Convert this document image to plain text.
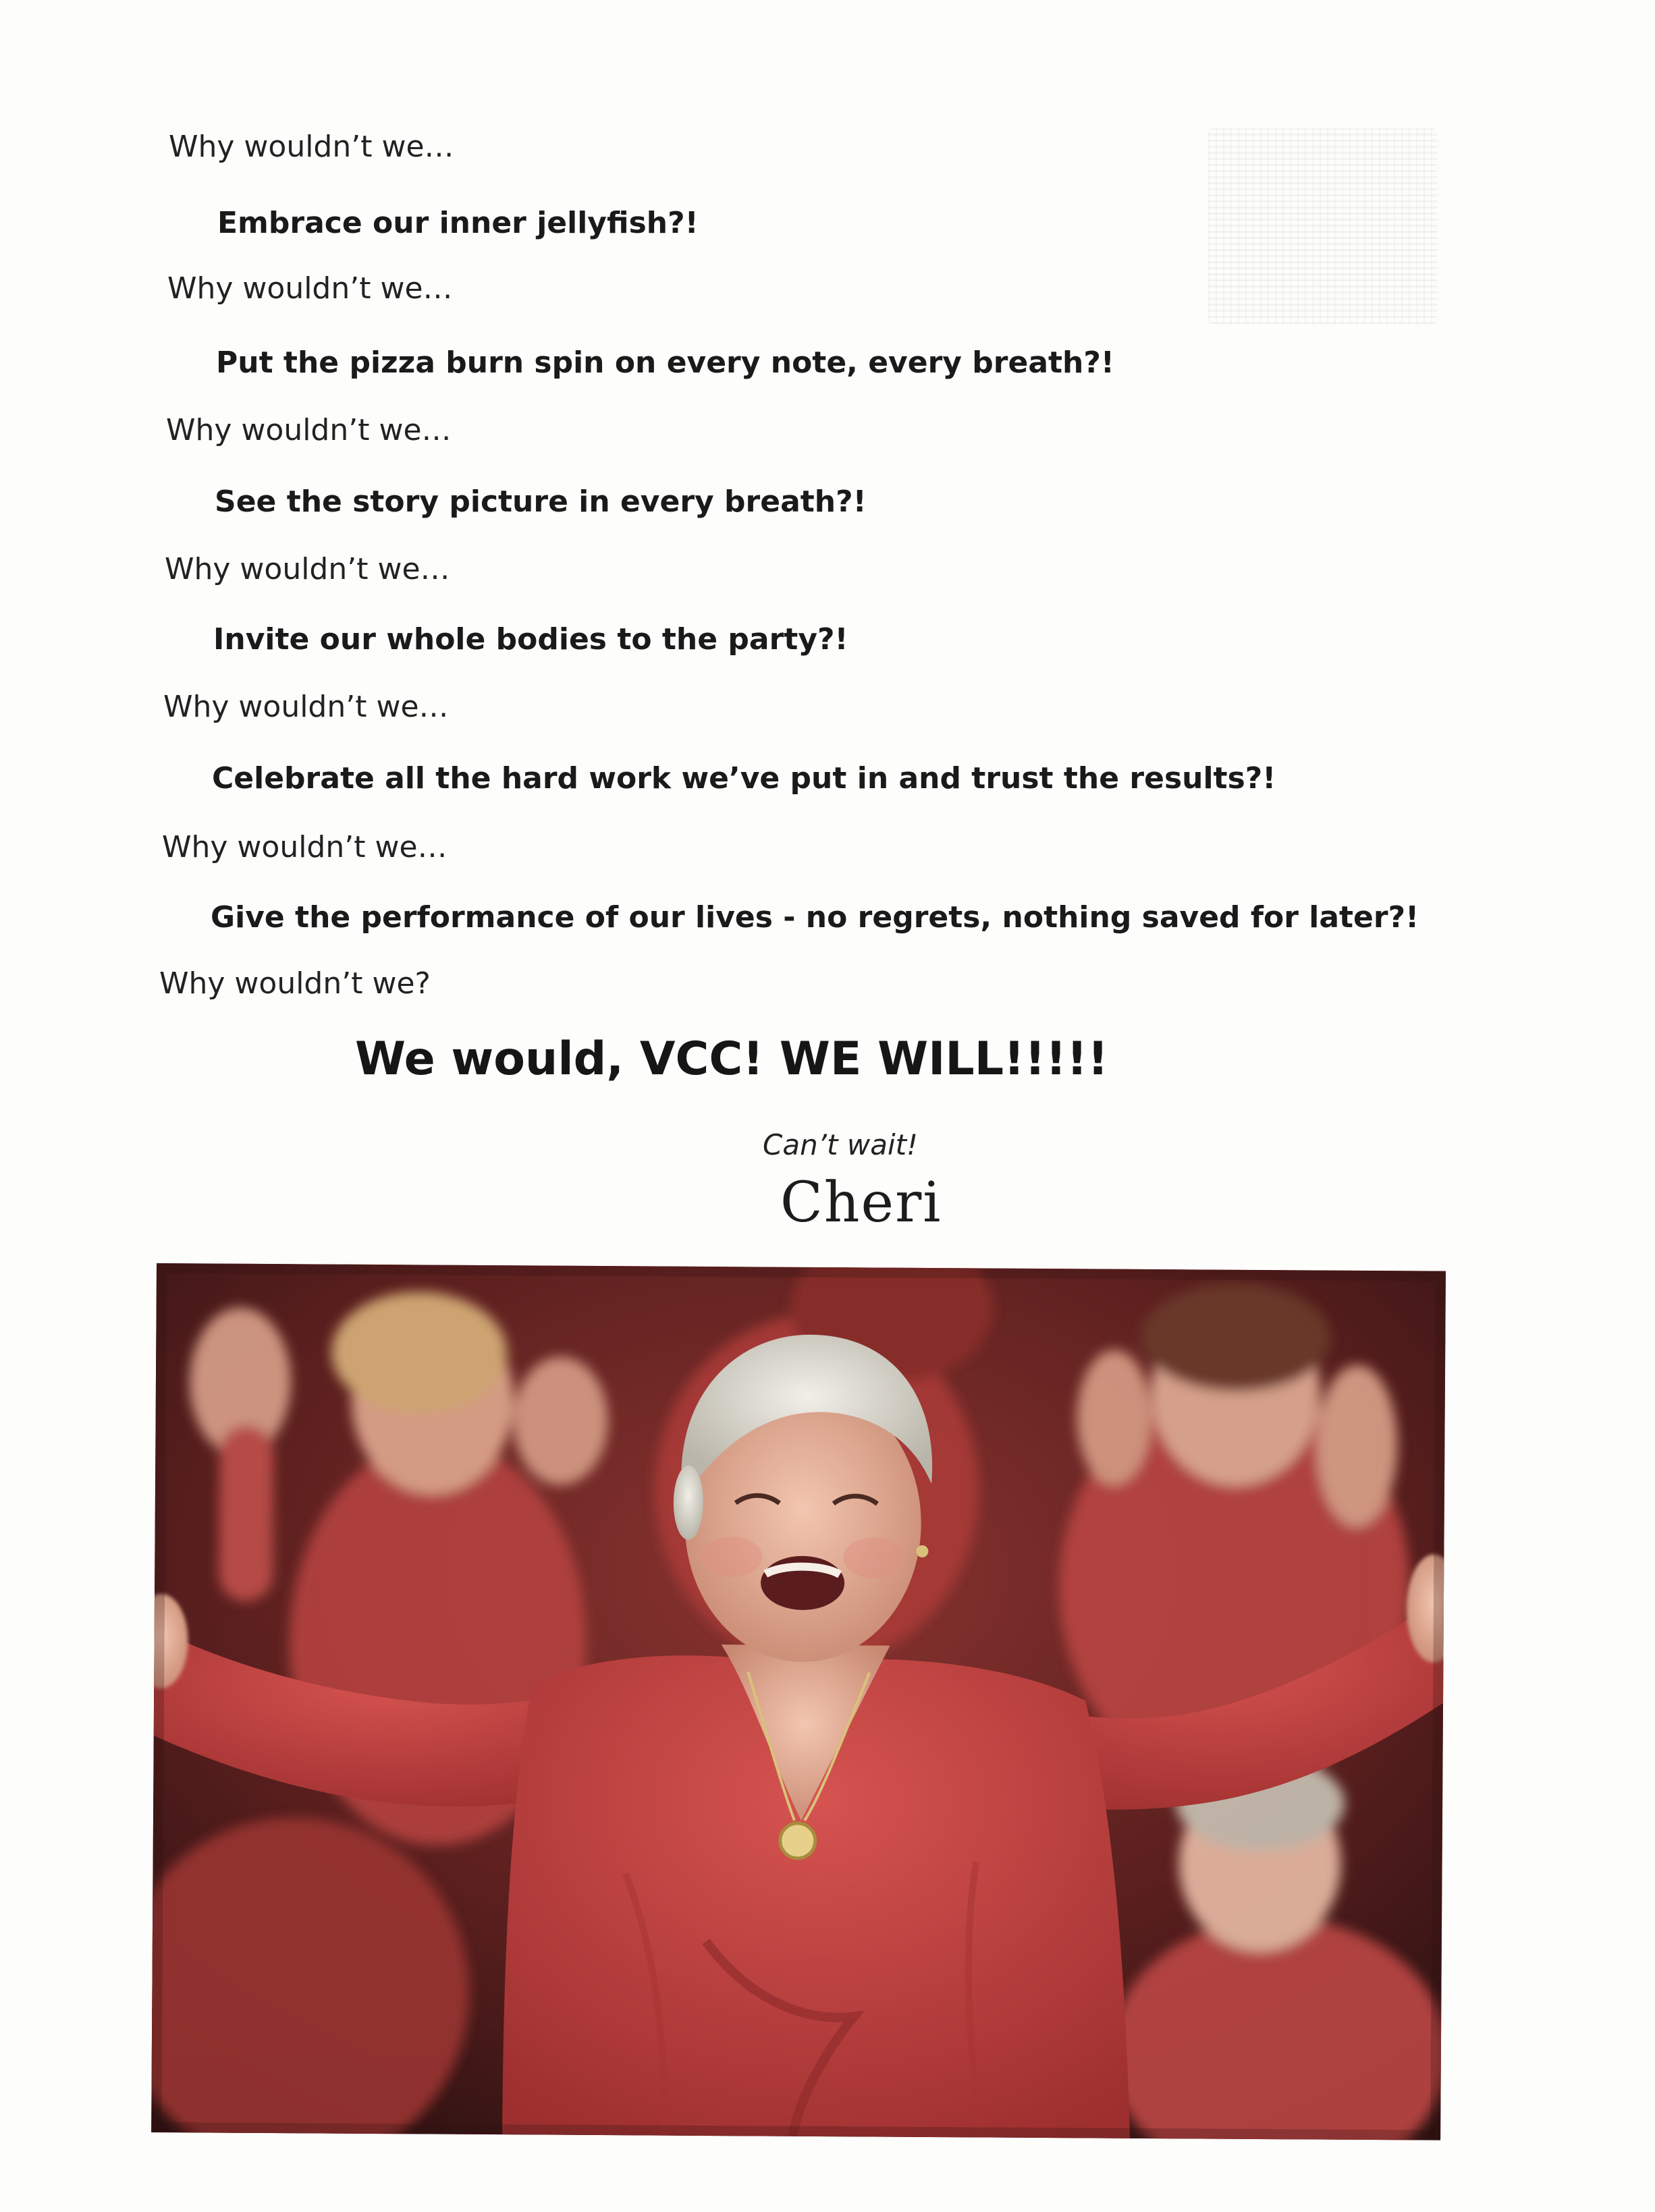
Why wouldn’t we…
Embrace our inner jellyfish?!
Why wouldn’t we…
Put the pizza burn spin on every note, every breath?!
Why wouldn’t we…
See the story picture in every breath?!
Why wouldn’t we…
Invite our whole bodies to the party?!
Why wouldn’t we…
Celebrate all the hard work we’ve put in and trust the results?!
Why wouldn’t we…
Give the performance of our lives - no regrets, nothing saved for later?!
Why wouldn’t we?
We would, VCC! WE WILL!!!!!
Can’t wait!
Cheri
